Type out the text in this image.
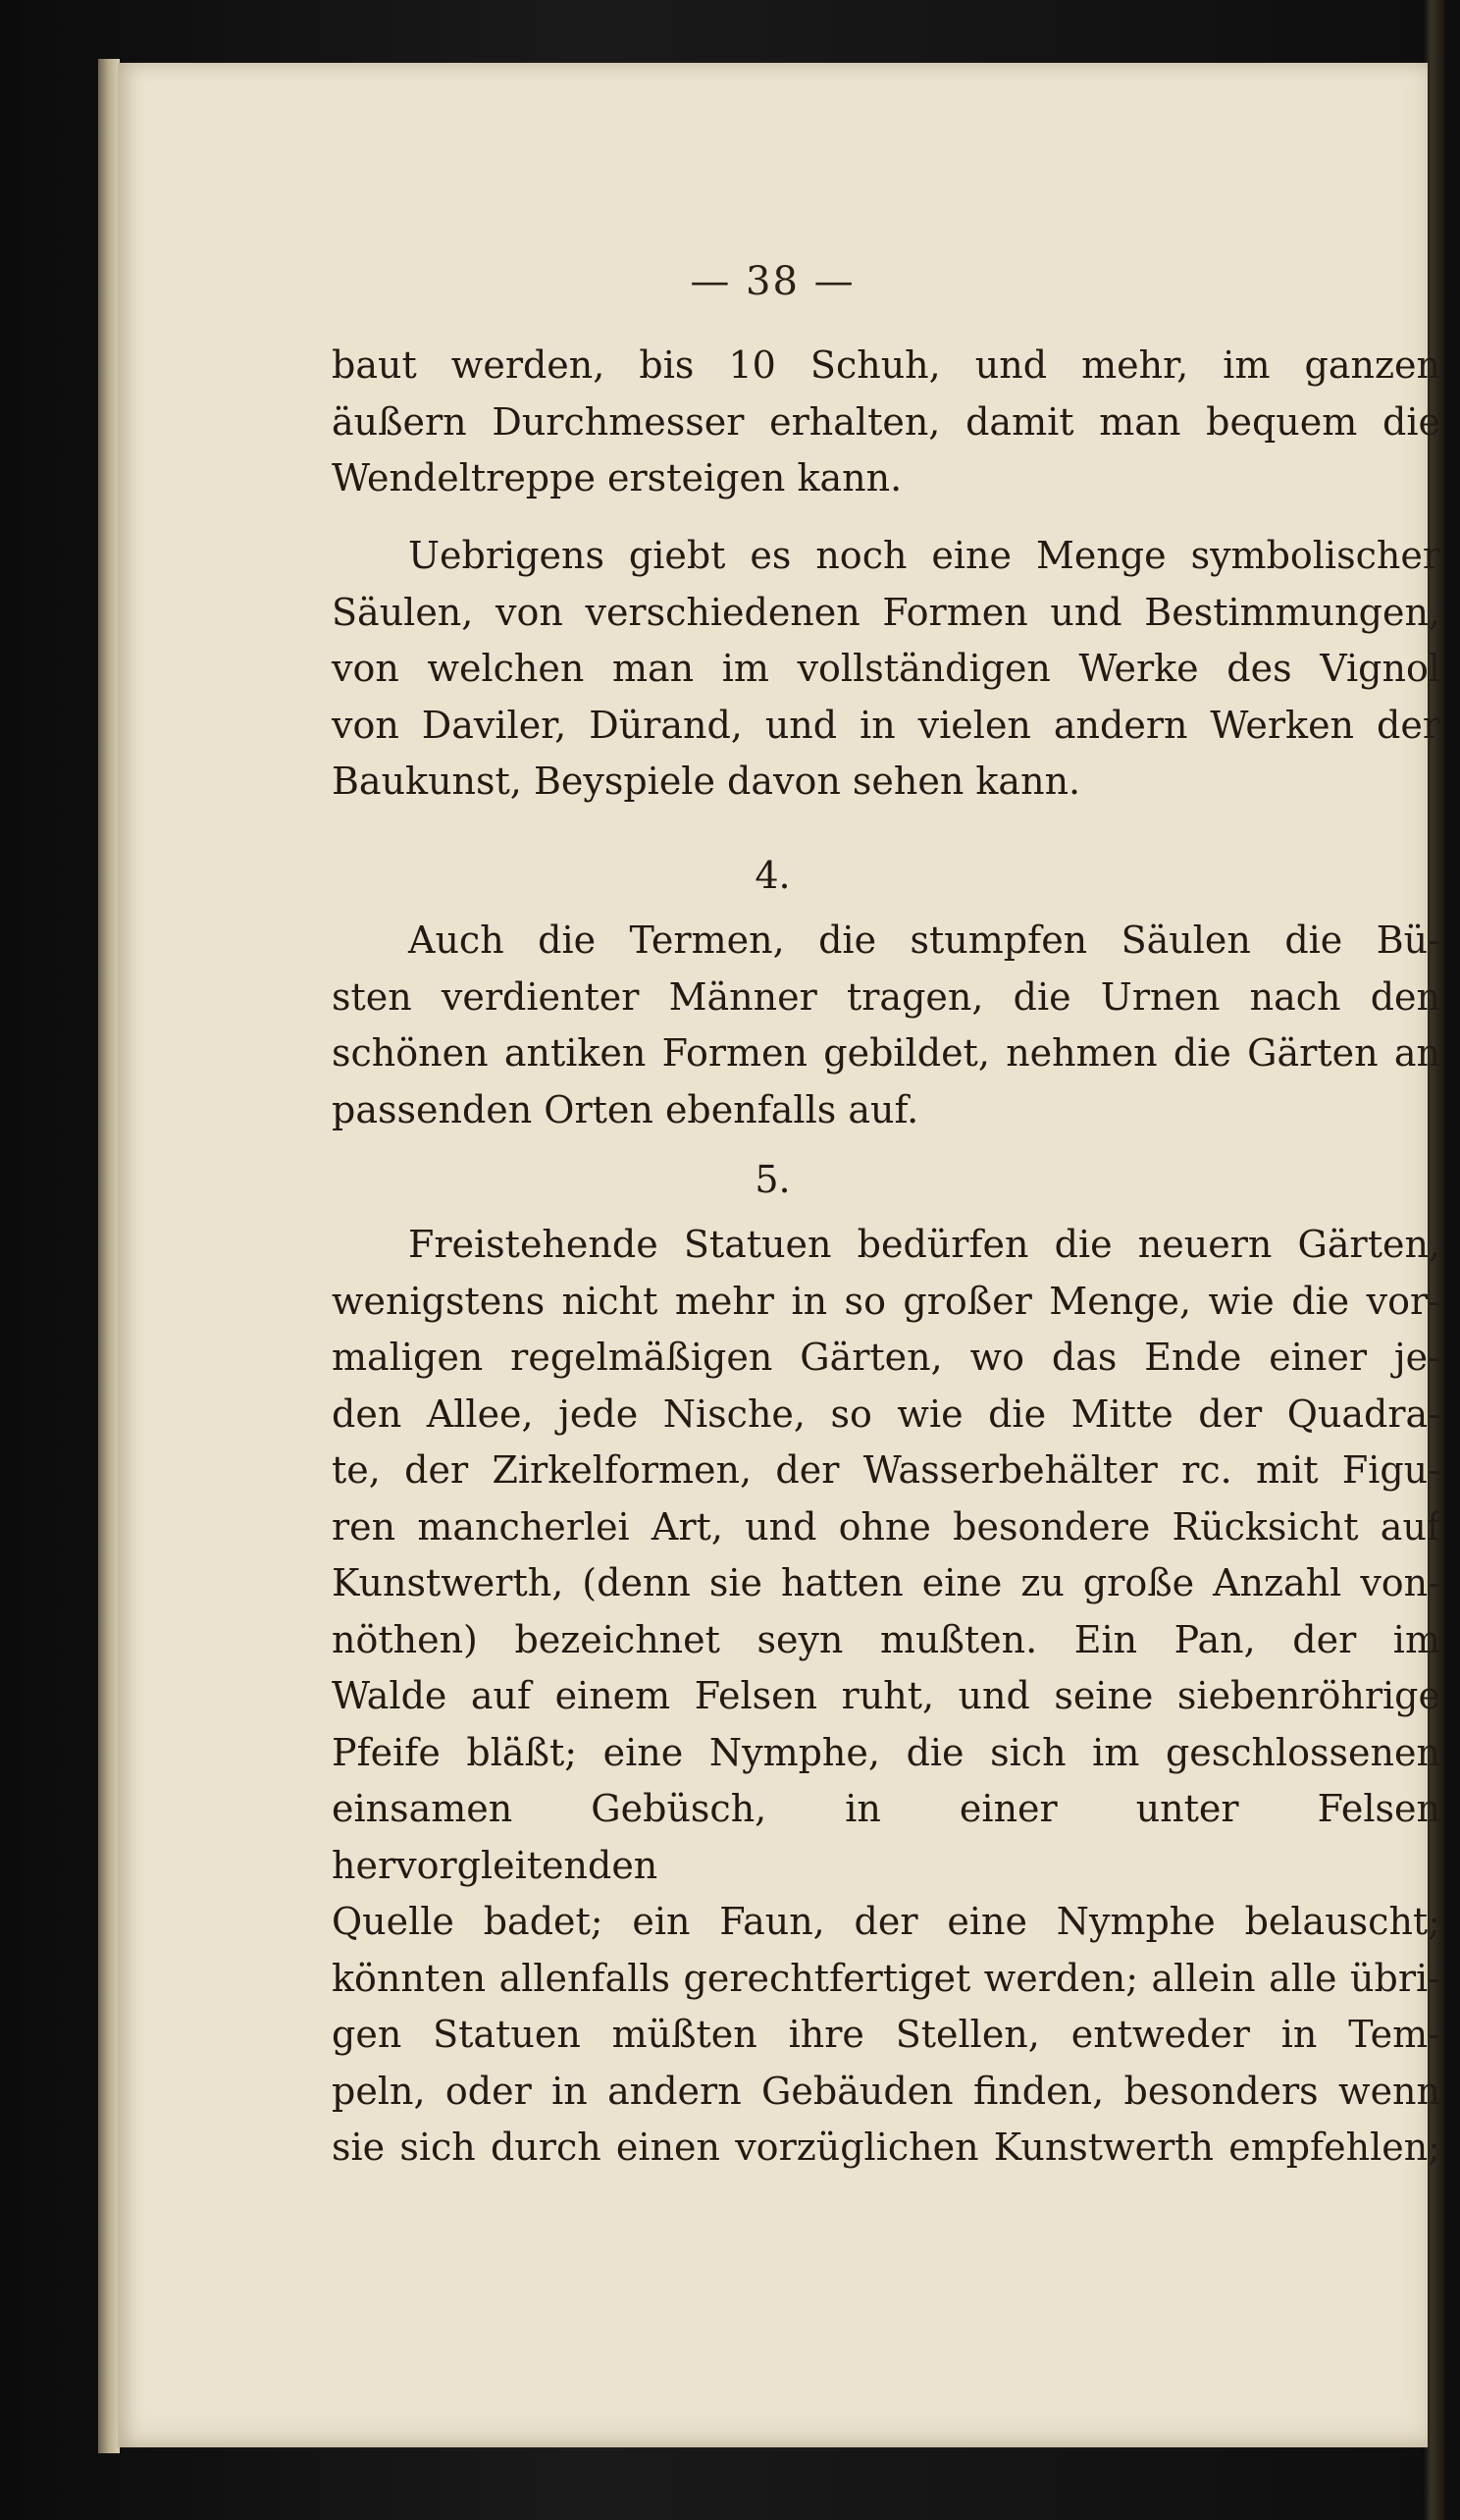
— 38 —
baut werden, bis 10 Schuh, und mehr, im ganzen
äußern Durchmesser erhalten, damit man bequem die
Wendeltreppe ersteigen kann.
Uebrigens giebt es noch eine Menge symbolischer
Säulen, von verschiedenen Formen und Bestimmungen,
von welchen man im vollständigen Werke des Vignol
von Daviler, Dürand, und in vielen andern Werken der
Baukunst, Beyspiele davon sehen kann.
4.
Auch die Termen, die stumpfen Säulen die Bü-
sten verdienter Männer tragen, die Urnen nach den
schönen antiken Formen gebildet, nehmen die Gärten an
passenden Orten ebenfalls auf.
5.
Freistehende Statuen bedürfen die neuern Gärten,
wenigstens nicht mehr in so großer Menge, wie die vor-
maligen regelmäßigen Gärten, wo das Ende einer je-
den Allee, jede Nische, so wie die Mitte der Quadra-
te, der Zirkelformen, der Wasserbehälter rc. mit Figu-
ren mancherlei Art, und ohne besondere Rücksicht auf
Kunstwerth, (denn sie hatten eine zu große Anzahl von-
nöthen) bezeichnet seyn mußten. Ein Pan, der im
Walde auf einem Felsen ruht, und seine siebenröhrige
Pfeife bläßt; eine Nymphe, die sich im geschlossenen
einsamen Gebüsch, in einer unter Felsen hervorgleitenden
Quelle badet; ein Faun, der eine Nymphe belauscht;
könnten allenfalls gerechtfertiget werden; allein alle übri-
gen Statuen müßten ihre Stellen, entweder in Tem-
peln, oder in andern Gebäuden finden, besonders wenn
sie sich durch einen vorzüglichen Kunstwerth empfehlen;
